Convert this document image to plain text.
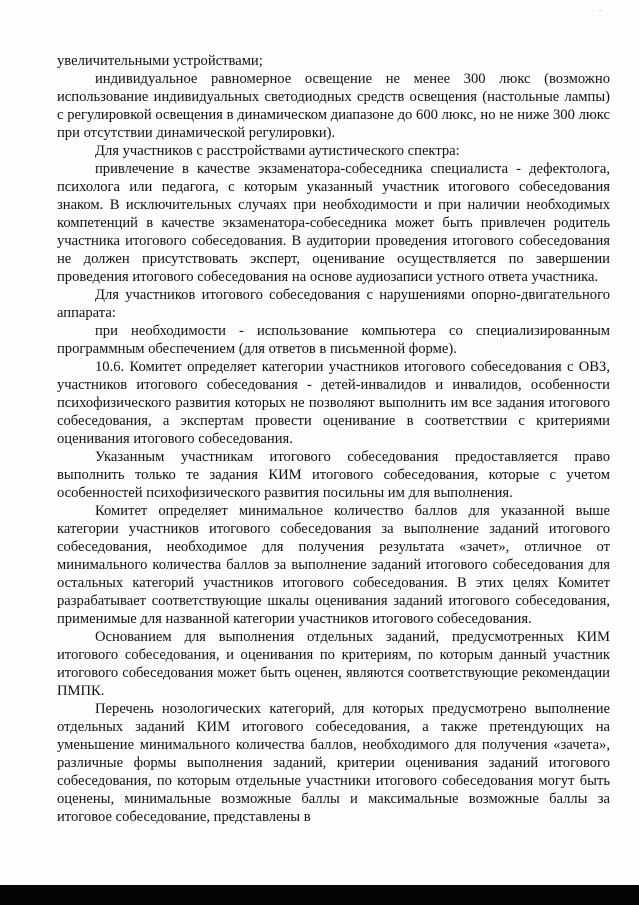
· -

увеличительными устройствами;

индивидуальное равномерное освещение не менее 300 люкс (возможно использование индивидуальных светодиодных средств освещения (настольные лампы) с регулировкой освещения в динамическом диапазоне до 600 люкс, но не ниже 300 люкс при отсутствии динамической регулировки).

Для участников с расстройствами аутистического спектра:

привлечение в качестве экзаменатора-собеседника специалиста - дефектолога, психолога или педагога, с которым указанный участник итогового собеседования знаком. В исключительных случаях при необходимости и при наличии необходимых компетенций в качестве экзаменатора-собеседника может быть привлечен родитель участника итогового собеседования. В аудитории проведения итогового собеседования не должен присутствовать эксперт, оценивание осуществляется по завершении проведения итогового собеседования на основе аудиозаписи устного ответа участника.

Для участников итогового собеседования с нарушениями опорно-двигательного аппарата:

при необходимости - использование компьютера со специализированным программным обеспечением (для ответов в письменной форме).

10.6. Комитет определяет категории участников итогового собеседования с ОВЗ, участников итогового собеседования - детей-инвалидов и инвалидов, особенности психофизического развития которых не позволяют выполнить им все задания итогового собеседования, а экспертам провести оценивание в соответствии с критериями оценивания итогового собеседования.

Указанным участникам итогового собеседования предоставляется право выполнить только те задания КИМ итогового собеседования, которые с учетом особенностей психофизического развития посильны им для выполнения.

Комитет определяет минимальное количество баллов для указанной выше категории участников итогового собеседования за выполнение заданий итогового собеседования, необходимое для получения результата «зачет», отличное от минимального количества баллов за выполнение заданий итогового собеседования для остальных категорий участников итогового собеседования. В этих целях Комитет разрабатывает соответствующие шкалы оценивания заданий итогового собеседования, применимые для названной категории участников итогового собеседования.

Основанием для выполнения отдельных заданий, предусмотренных КИМ итогового собеседования, и оценивания по критериям, по которым данный участник итогового собеседования может быть оценен, являются соответствующие рекомендации ПМПК.

Перечень нозологических категорий, для которых предусмотрено выполнение отдельных заданий КИМ итогового собеседования, а также претендующих на уменьшение минимального количества баллов, необходимого для получения «зачета», различные формы выполнения заданий, критерии оценивания заданий итогового собеседования, по которым отдельные участники итогового собеседования могут быть оценены, минимальные возможные баллы и максимальные возможные баллы за итоговое собеседование, представлены в
